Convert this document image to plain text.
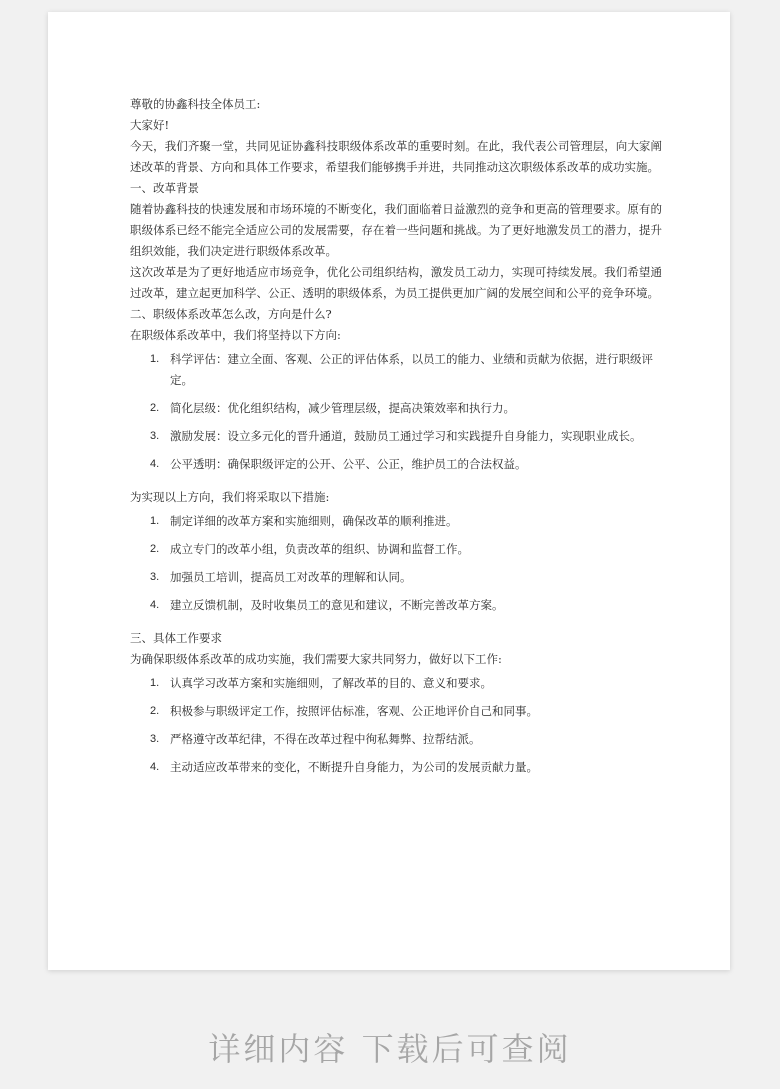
尊敬的协鑫科技全体员工:

大家好!

今天，我们齐聚一堂，共同见证协鑫科技职级体系改革的重要时刻。在此，我代表公司管理层，向大家阐述改革的背景、方向和具体工作要求，希望我们能够携手并进，共同推动这次职级体系改革的成功实施。

一、改革背景

随着协鑫科技的快速发展和市场环境的不断变化，我们面临着日益激烈的竞争和更高的管理要求。原有的职级体系已经不能完全适应公司的发展需要，存在着一些问题和挑战。为了更好地激发员工的潜力，提升组织效能，我们决定进行职级体系改革。

这次改革是为了更好地适应市场竞争，优化公司组织结构，激发员工动力，实现可持续发展。我们希望通过改革，建立起更加科学、公正、透明的职级体系，为员工提供更加广阔的发展空间和公平的竞争环境。

二、职级体系改革怎么改，方向是什么?

在职级体系改革中，我们将坚持以下方向:

1. 科学评估：建立全面、客观、公正的评估体系，以员工的能力、业绩和贡献为依据，进行职级评定。
2. 简化层级：优化组织结构，减少管理层级，提高决策效率和执行力。
3. 激励发展：设立多元化的晋升通道，鼓励员工通过学习和实践提升自身能力，实现职业成长。
4. 公平透明：确保职级评定的公开、公平、公正，维护员工的合法权益。

为实现以上方向，我们将采取以下措施:

1. 制定详细的改革方案和实施细则，确保改革的顺利推进。
2. 成立专门的改革小组，负责改革的组织、协调和监督工作。
3. 加强员工培训，提高员工对改革的理解和认同。
4. 建立反馈机制，及时收集员工的意见和建议，不断完善改革方案。

三、具体工作要求

为确保职级体系改革的成功实施，我们需要大家共同努力，做好以下工作:

1. 认真学习改革方案和实施细则，了解改革的目的、意义和要求。
2. 积极参与职级评定工作，按照评估标准，客观、公正地评价自己和同事。
3. 严格遵守改革纪律，不得在改革过程中徇私舞弊、拉帮结派。
4. 主动适应改革带来的变化，不断提升自身能力，为公司的发展贡献力量。
详细内容 下载后可查阅
